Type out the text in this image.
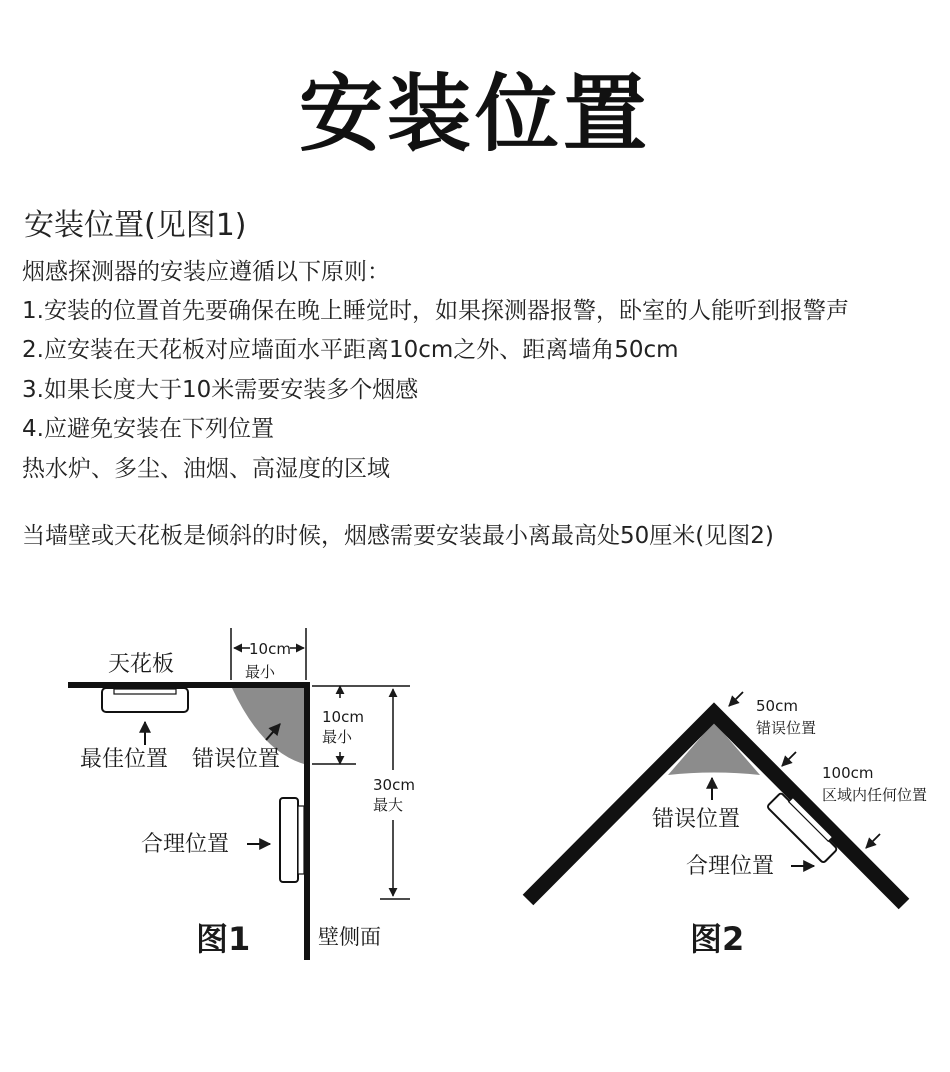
安装位置
安装位置(见图1)
烟感探测器的安装应遵循以下原则：
1.安装的位置首先要确保在晚上睡觉时，如果探测器报警，卧室的人能听到报警声
2.应安装在天花板对应墙面水平距离10cm之外、距离墙角50cm
3.如果长度大于10米需要安装多个烟感
4.应避免安装在下列位置
热水炉、多尘、油烟、高湿度的区域
当墙壁或天花板是倾斜的时候，烟感需要安装最小离最高处50厘米(见图2)
10cm
最小
10cm
最小
30cm
最大
天花板
最佳位置 错误位置
合理位置
图1	壁侧面
50cm
错误位置
100cm
区域内任何位置
错误位置
合理位置
图2
